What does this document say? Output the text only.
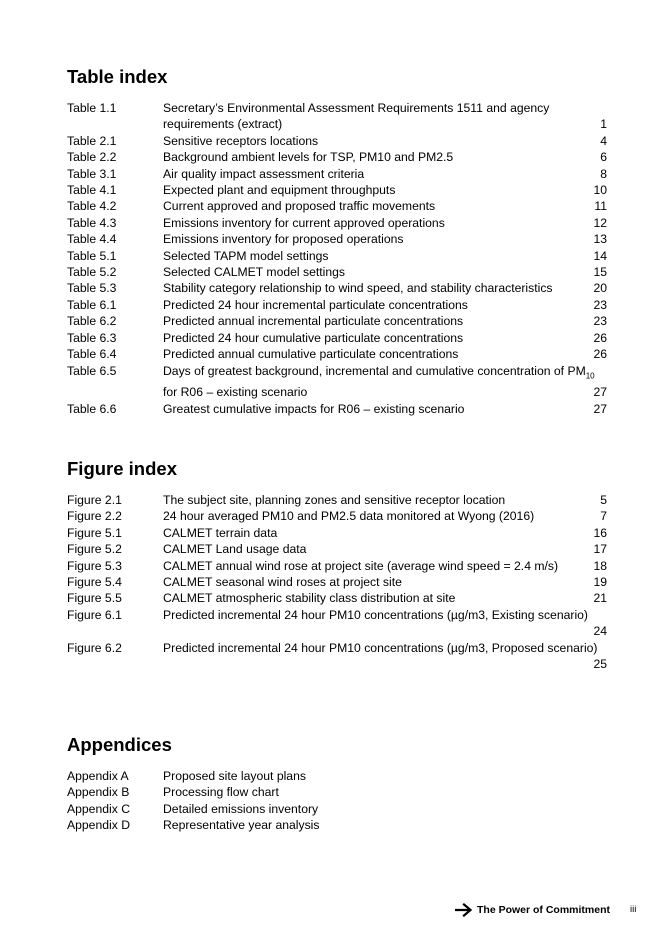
Table index
Table 1.1	Secretary’s Environmental Assessment Requirements 1511 and agency requirements (extract)	1
Table 2.1	Sensitive receptors locations	4
Table 2.2	Background ambient levels for TSP, PM10 and PM2.5	6
Table 3.1	Air quality impact assessment criteria	8
Table 4.1	Expected plant and equipment throughputs	10
Table 4.2	Current approved and proposed traffic movements	11
Table 4.3	Emissions inventory for current approved operations	12
Table 4.4	Emissions inventory for proposed operations	13
Table 5.1	Selected TAPM model settings	14
Table 5.2	Selected CALMET model settings	15
Table 5.3	Stability category relationship to wind speed, and stability characteristics	20
Table 6.1	Predicted 24 hour incremental particulate concentrations	23
Table 6.2	Predicted annual incremental particulate concentrations	23
Table 6.3	Predicted 24 hour cumulative particulate concentrations	26
Table 6.4	Predicted annual cumulative particulate concentrations	26
Table 6.5	Days of greatest background, incremental and cumulative concentration of $PM_{10}$
for R06 – existing scenario	27
Table 6.6	Greatest cumulative impacts for R06 – existing scenario	27
Figure index
Figure 2.1	The subject site, planning zones and sensitive receptor location	5
Figure 2.2	24 hour averaged PM10 and PM2.5 data monitored at Wyong (2016)	7
Figure 5.1	CALMET terrain data	16
Figure 5.2	CALMET Land usage data	17
Figure 5.3	CALMET annual wind rose at project site (average wind speed = 2.4 m/s)	18
Figure 5.4	CALMET seasonal wind roses at project site	19
Figure 5.5	CALMET atmospheric stability class distribution at site	21
Figure 6.1	Predicted incremental 24 hour PM10 concentrations (µg/m3, Existing scenario)
24
Figure 6.2	Predicted incremental 24 hour PM10 concentrations (µg/m3, Proposed scenario)
25
Appendices
Appendix A	Proposed site layout plans
Appendix B	Processing flow chart
Appendix C	Detailed emissions inventory
Appendix D	Representative year analysis
The Power of Commitment iii
